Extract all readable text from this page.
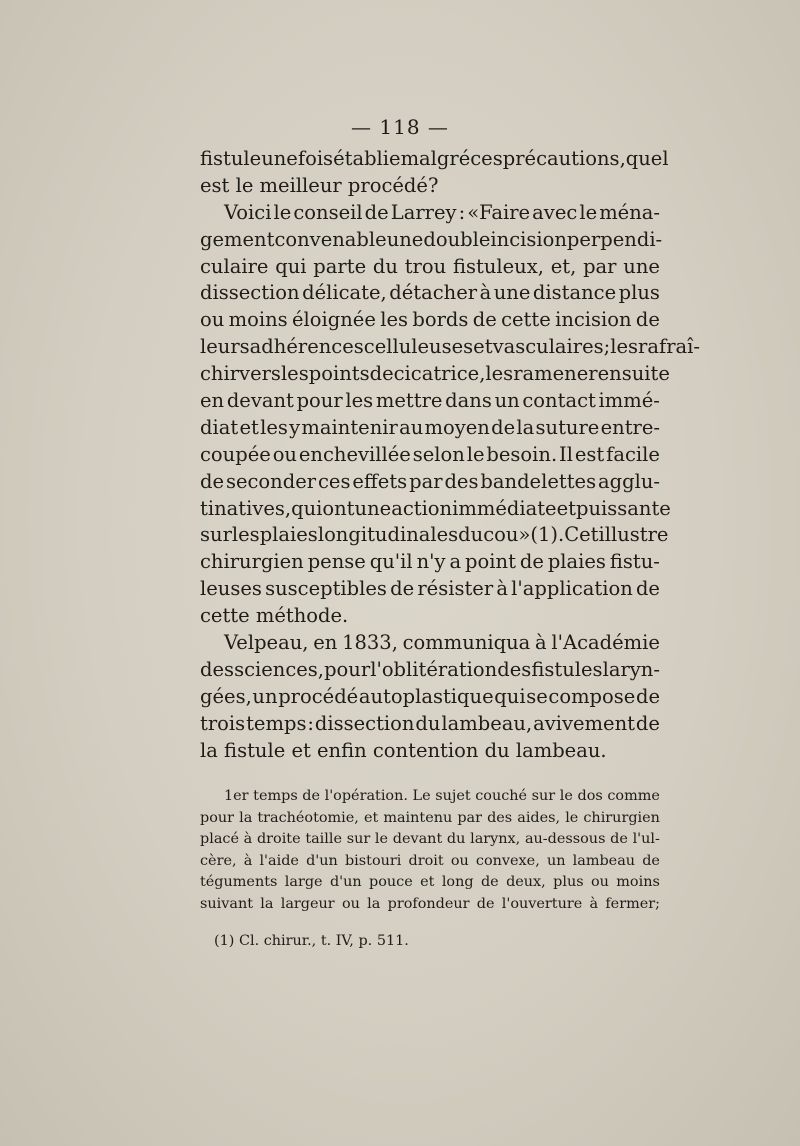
— 118 —
fistule une fois établie malgré ces précautions, quel
est le meilleur procédé?
Voici le conseil de Larrey : «Faire avec le ména-
gement convenable une double incision perpendi-
culaire qui parte du trou fistuleux, et, par une
dissection délicate, détacher à une distance plus
ou moins éloignée les bords de cette incision de
leurs adhérences celluleuses et vasculaires; les rafraî-
chir vers les points de cicatrice, les ramener ensuite
en devant pour les mettre dans un contact immé-
diat et les y maintenir au moyen de la suture entre-
coupée ou enchevillée selon le besoin. Il est facile
de seconder ces effets par des bandelettes agglu-
tinatives, qui ont une action immédiate et puissante
sur les plaies longitudinales du cou» (1). Cet illustre
chirurgien pense qu'il n'y a point de plaies fistu-
leuses susceptibles de résister à l'application de
cette méthode.
Velpeau, en 1833, communiqua à l'Académie
des sciences, pour l'oblitération des fistules laryn-
gées, un procédé autoplastique qui se compose de
trois temps : dissection du lambeau, avivement de
la fistule et enfin contention du lambeau.
1er temps de l'opération. Le sujet couché sur le dos comme
pour la trachéotomie, et maintenu par des aides, le chirurgien
placé à droite taille sur le devant du larynx, au-dessous de l'ul-
cère, à l'aide d'un bistouri droit ou convexe, un lambeau de
téguments large d'un pouce et long de deux, plus ou moins
suivant la largeur ou la profondeur de l'ouverture à fermer;
(1) Cl. chirur., t. IV, p. 511.
